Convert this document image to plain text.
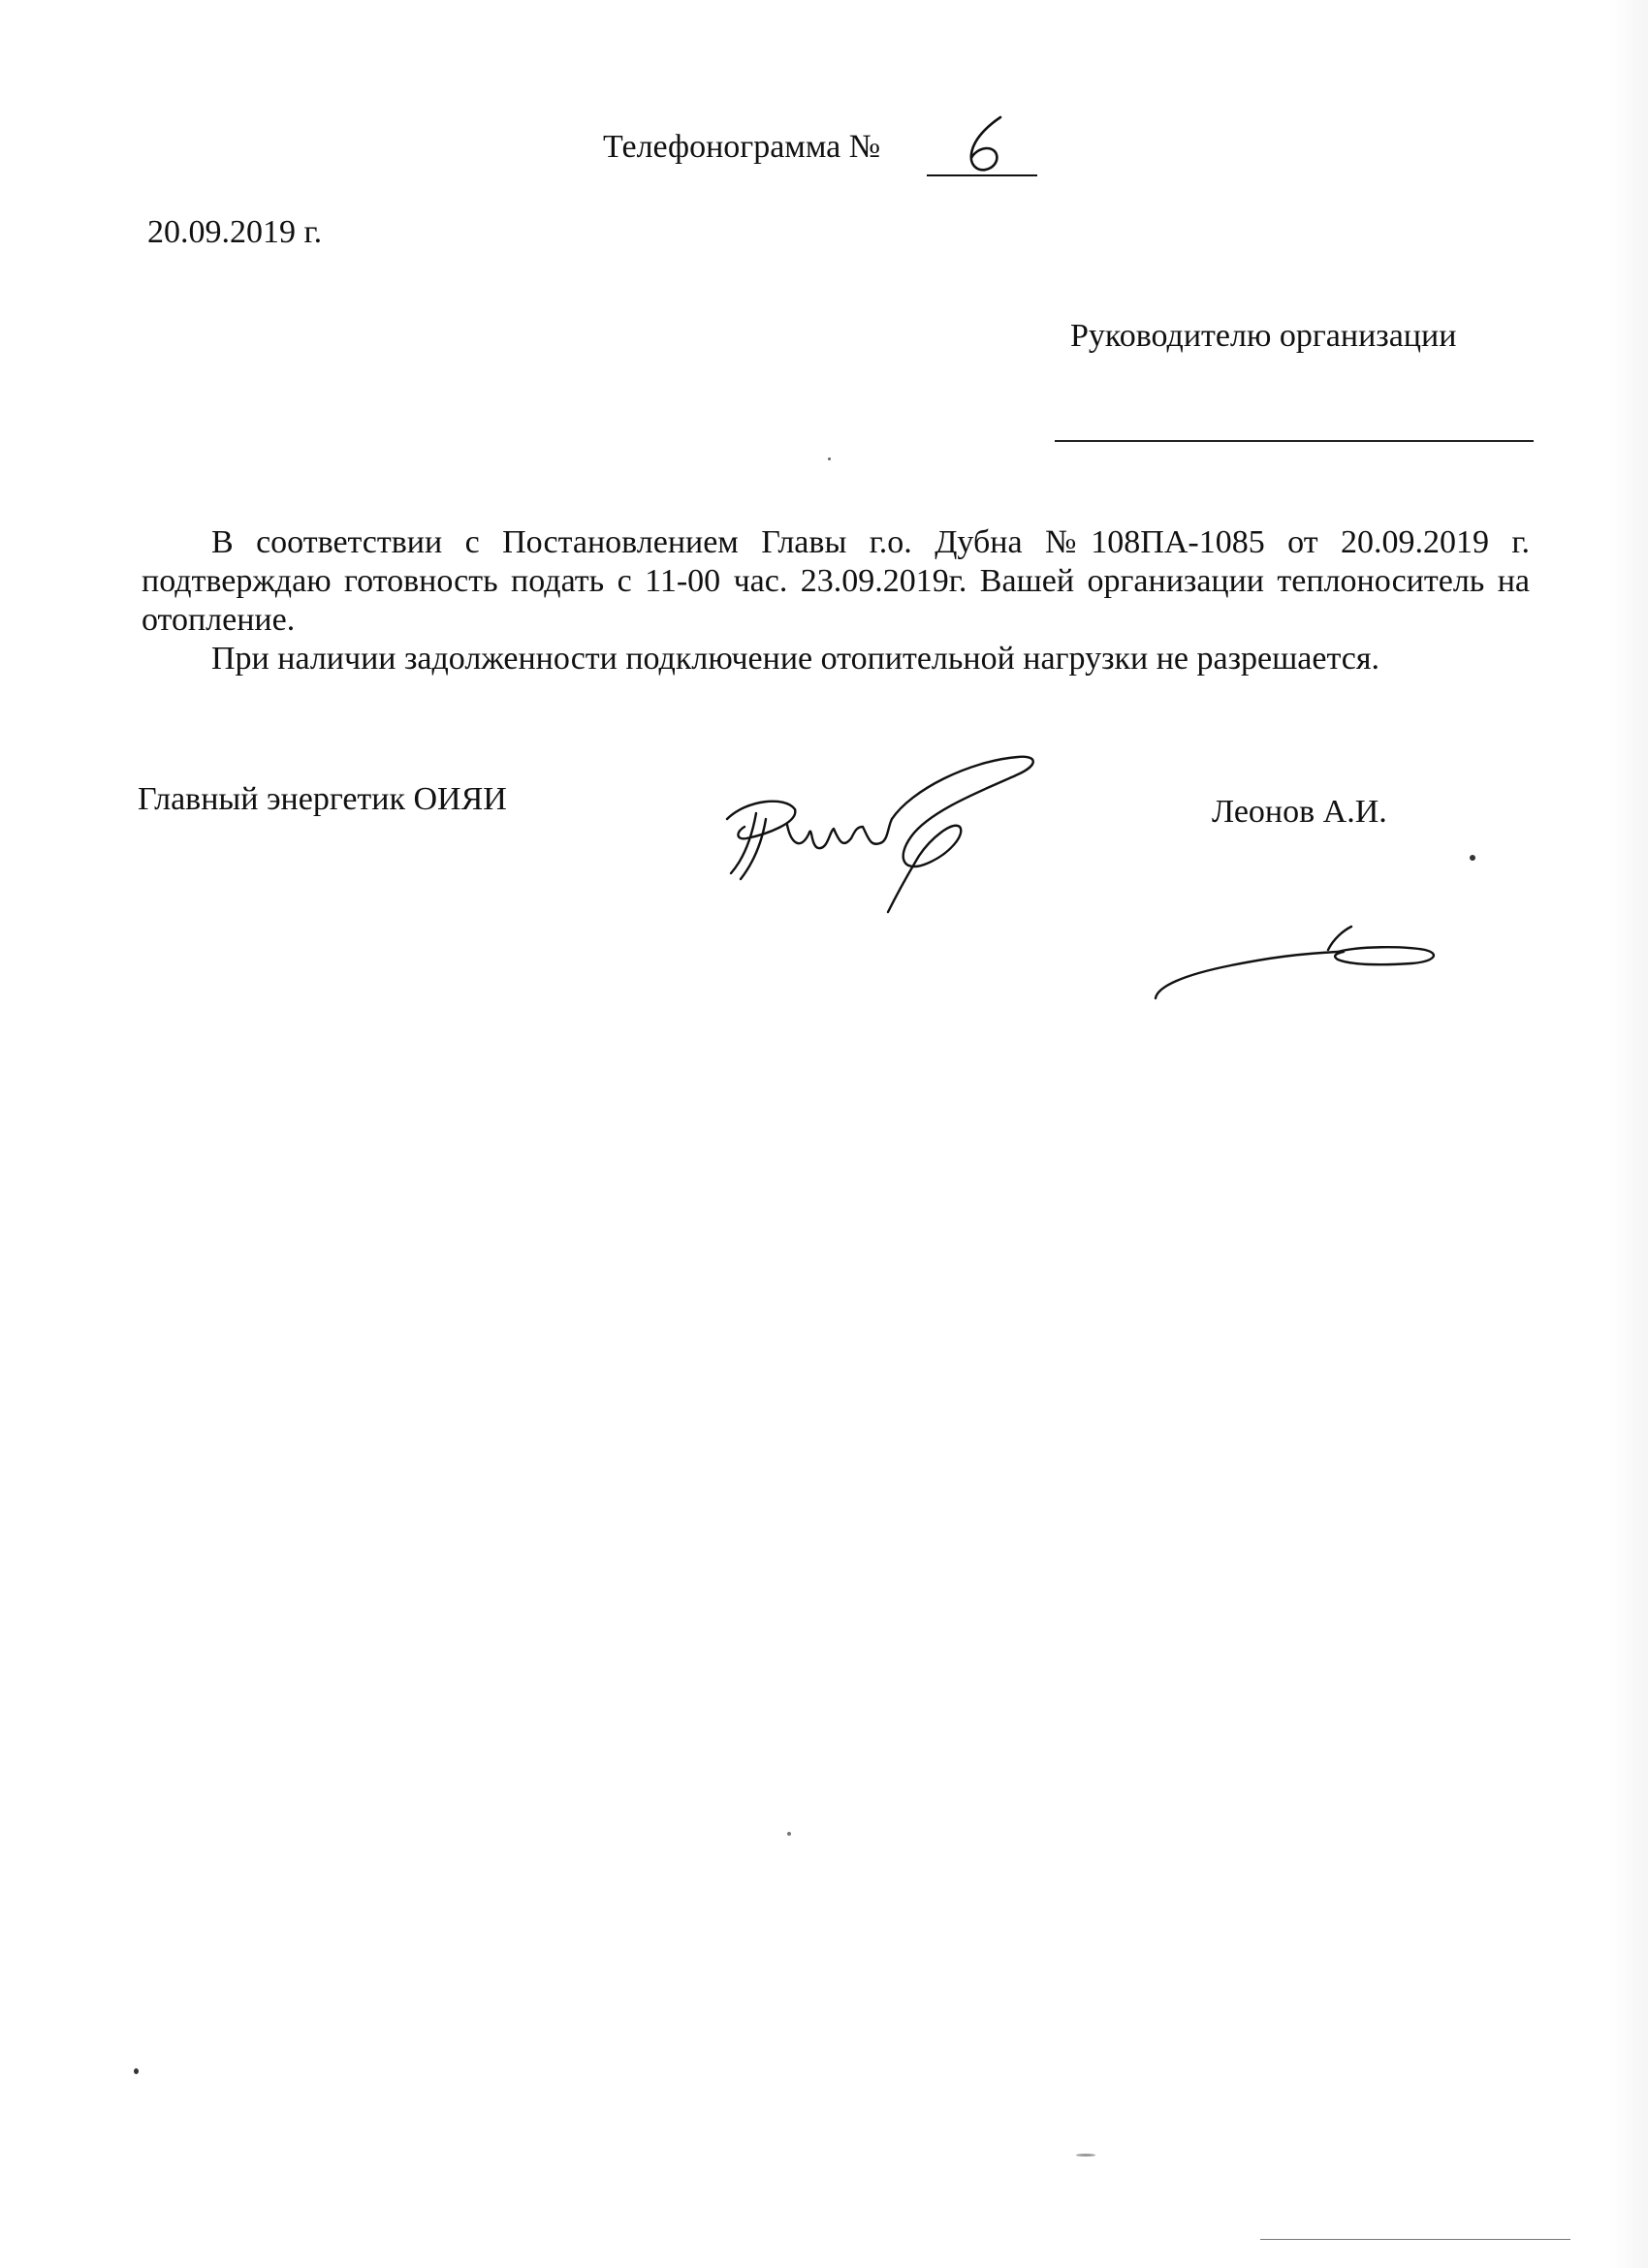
Телефонограмма №
20.09.2019 г.
Руководителю организации

В соответствии с Постановлением Главы г.о. Дубна №108ПА-1085 от 20.09.2019 г. подтверждаю готовность подать с 11-00 час. 23.09.2019г. Вашей организации теплоноситель на отопление.

При наличии задолженности подключение отопительной нагрузки не разрешается.

Главный энергетик ОИЯИ	Леонов А.И.
